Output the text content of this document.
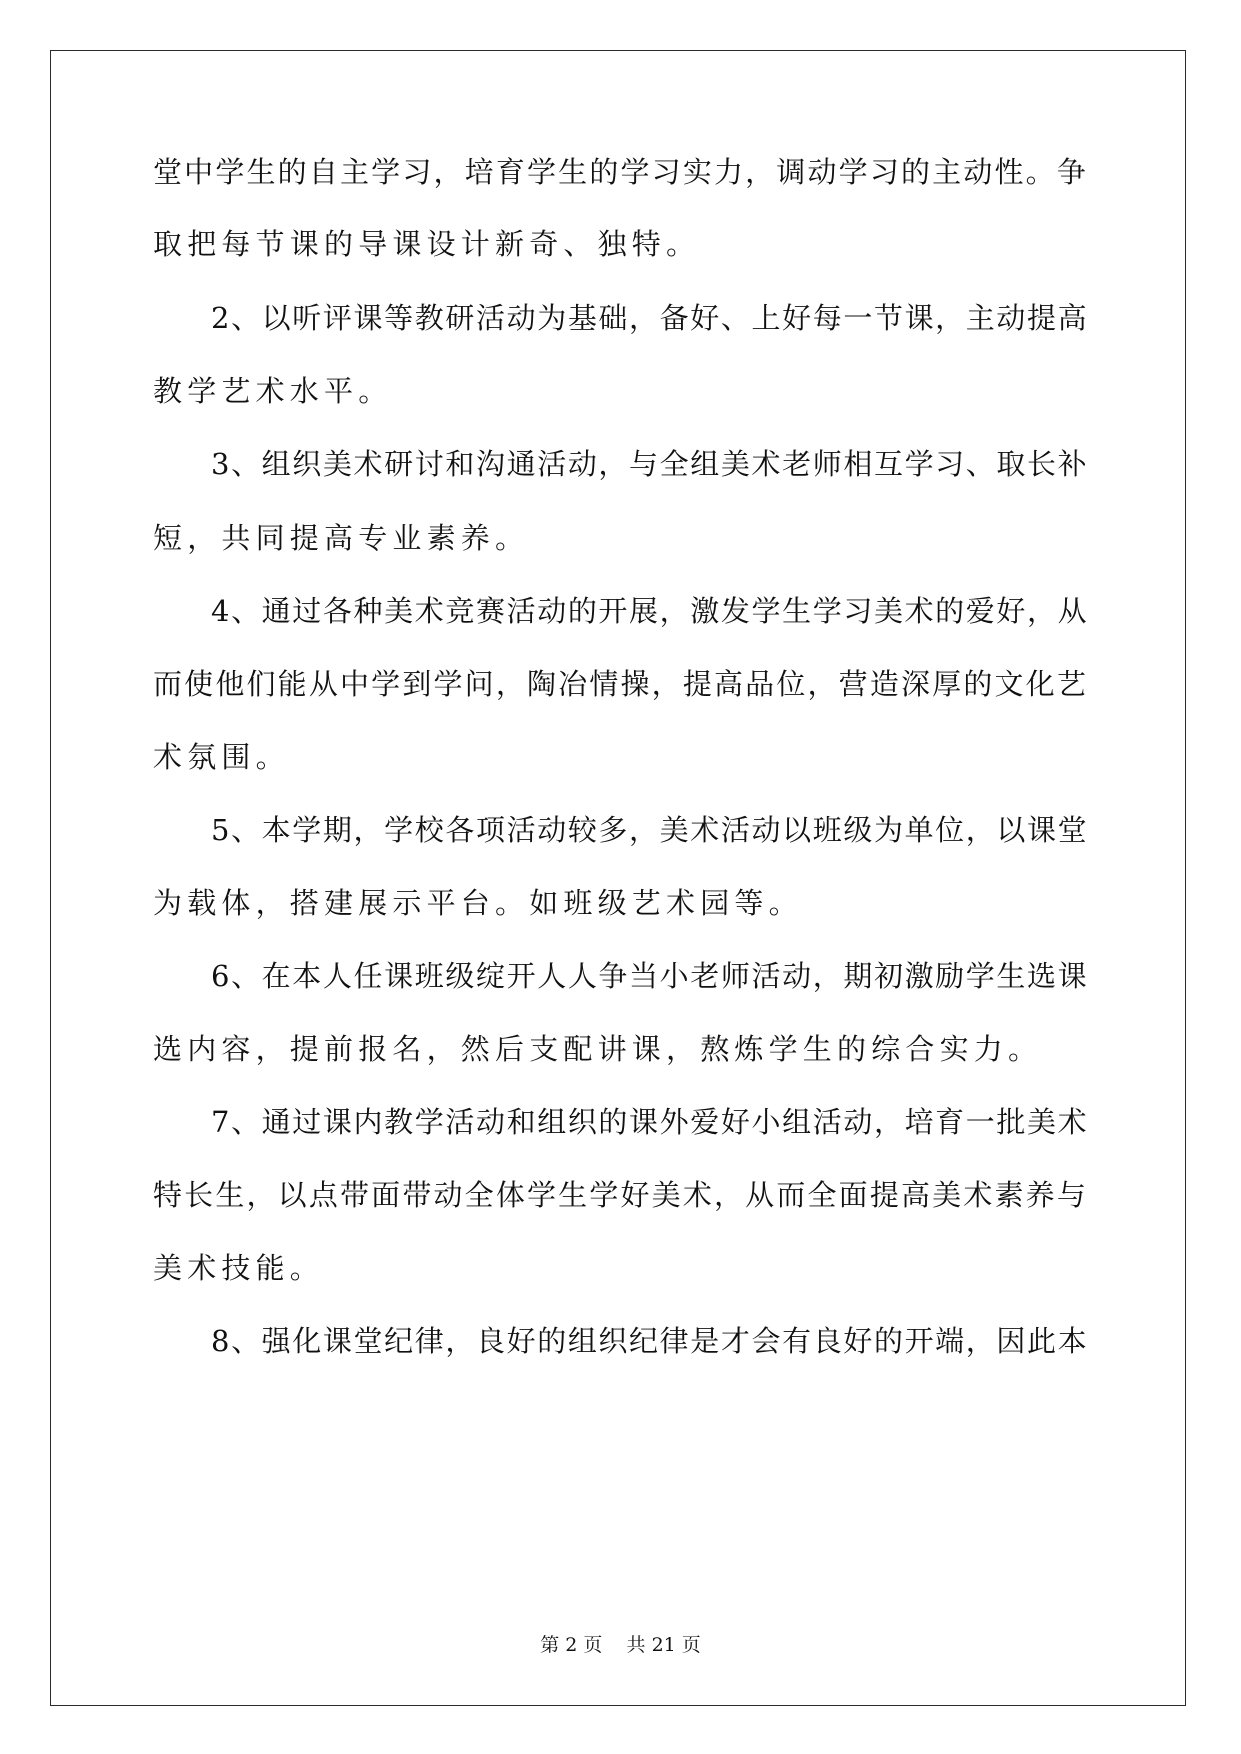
堂中学生的自主学习，培育学生的学习实力，调动学习的主动性。争
取把每节课的导课设计新奇、独特。
2、以听评课等教研活动为基础，备好、上好每一节课，主动提高
教学艺术水平。
3、组织美术研讨和沟通活动，与全组美术老师相互学习、取长补
短，共同提高专业素养。
4、通过各种美术竞赛活动的开展，激发学生学习美术的爱好，从
而使他们能从中学到学问，陶冶情操，提高品位，营造深厚的文化艺
术氛围。
5、本学期，学校各项活动较多，美术活动以班级为单位，以课堂
为载体，搭建展示平台。如班级艺术园等。
6、在本人任课班级绽开人人争当小老师活动，期初激励学生选课
选内容，提前报名，然后支配讲课，熬炼学生的综合实力。
7、通过课内教学活动和组织的课外爱好小组活动，培育一批美术
特长生，以点带面带动全体学生学好美术，从而全面提高美术素养与
美术技能。
8、强化课堂纪律，良好的组织纪律是才会有良好的开端，因此本
第 2 页    共 21 页
